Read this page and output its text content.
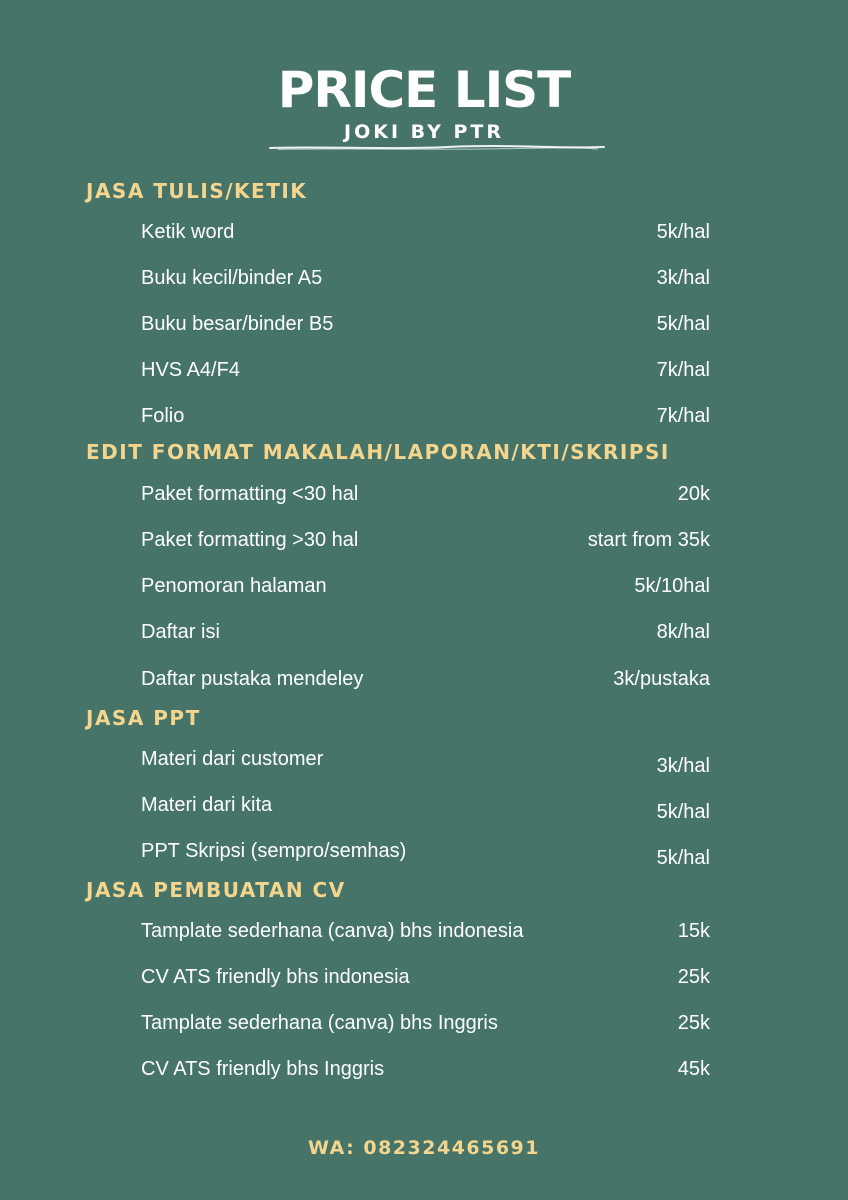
PRICE LIST
JOKI BY PTR
JASA TULIS/KETIK
Ketik word	5k/hal
Buku kecil/binder A5	3k/hal
Buku besar/binder B5	5k/hal
HVS A4/F4	7k/hal
Folio	7k/hal
EDIT FORMAT MAKALAH/LAPORAN/KTI/SKRIPSI
Paket formatting <30 hal	20k
Paket formatting >30 hal	start from 35k
Penomoran halaman	5k/10hal
Daftar isi	8k/hal
Daftar pustaka mendeley	3k/pustaka
JASA PPT
Materi dari customer	3k/hal
Materi dari kita	5k/hal
PPT Skripsi (sempro/semhas)	5k/hal
JASA PEMBUATAN CV
Tamplate sederhana (canva) bhs indonesia	15k
CV ATS friendly bhs indonesia	25k
Tamplate sederhana (canva) bhs Inggris	25k
CV ATS friendly bhs Inggris	45k
WA: 082324465691
